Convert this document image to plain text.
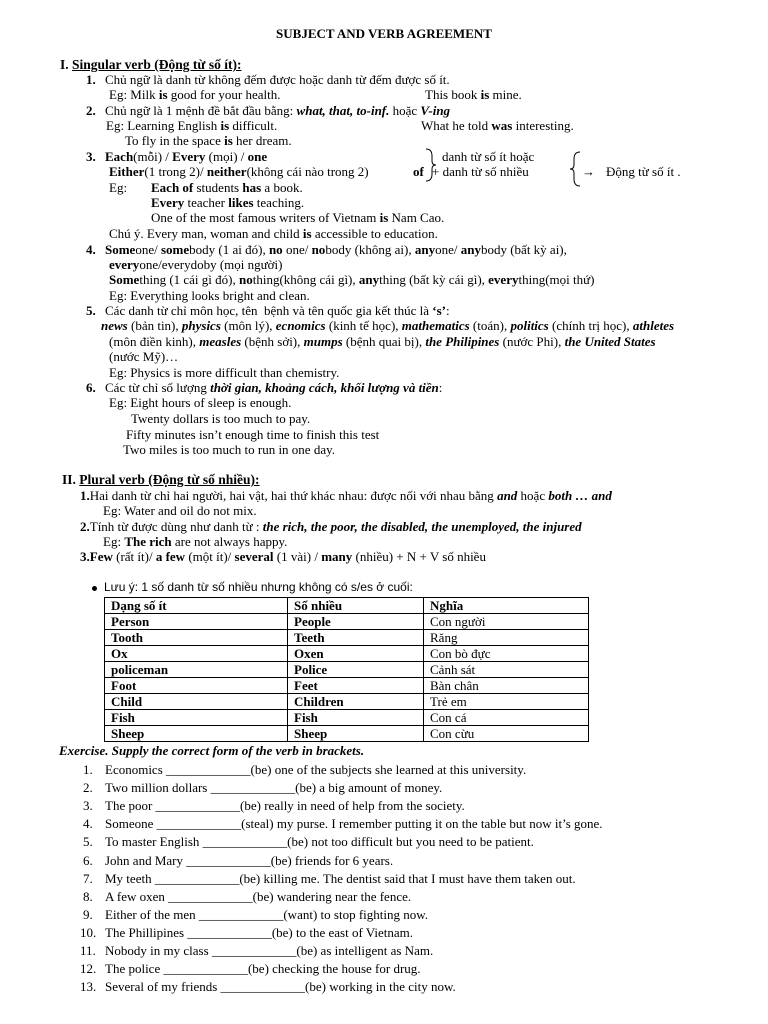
SUBJECT AND VERB AGREEMENT
I. Singular verb (Động từ số ít):
1. Chủ ngữ là danh từ không đếm được hoặc danh từ đếm được số ít.
Eg: Milk is good for your health.	This book is mine.
2. Chủ ngữ là 1 mệnh đề bắt đầu bằng: what, that, to-inf. hoặc V-ing
Eg: Learning English is difficult.	What he told was interesting.
To fly in the space is her dream.
3. Each(mỗi) / Every (mọi) / one
Either(1 trong 2)/ neither(không cái nào trong 2)	of
danh từ số ít hoặc
+ danh từ số nhiều	→ Động từ số ít .
Eg: Each of students has a book.
Every teacher likes teaching.
One of the most famous writers of Vietnam is Nam Cao.
Chú ý. Every man, woman and child is accessible to education.
4. Someone/ somebody (1 ai đó), no one/ nobody (không ai), anyone/ anybody (bất kỳ ai),
everyone/everydoby (mọi người)
Something (1 cái gì đó), nothing(không cái gì), anything (bất kỳ cái gì), everything(mọi thứ)
Eg: Everything looks bright and clean.
5. Các danh từ chỉ môn học, tên  bệnh và tên quốc gia kết thúc là ‘s’:
news (bản tin), physics (môn lý), ecnomics (kinh tế học), mathematics (toán), politics (chính trị học), athletes
(môn điền kinh), measles (bệnh sởi), mumps (bệnh quai bị), the Philipines (nước Phi), the United States
(nước Mỹ)…
Eg: Physics is more difficult than chemistry.
6. Các từ chỉ số lượng thời gian, khoảng cách, khối lượng và tiền:
Eg: Eight hours of sleep is enough.
Twenty dollars is too much to pay.
Fifty minutes isn’t enough time to finish this test
Two miles is too much to run in one day.
II. Plural verb (Động từ số nhiều):
1.Hai danh từ chỉ hai người, hai vật, hai thứ khác nhau: được nối với nhau bằng and hoặc both … and
Eg: Water and oil do not mix.
2.Tính từ được dùng như danh từ : the rich, the poor, the disabled, the unemployed, the injured
Eg: The rich are not always happy.
3.Few (rất ít)/ a few (một ít)/ several (1 vài) / many (nhiều) + N + V số nhiều
Lưu ý: 1 số danh từ số nhiều nhưng không có s/es ở cuối:
Dạng số ít	Số nhiều	Nghĩa
Person	People	Con người
Tooth	Teeth	Răng
Ox	Oxen	Con bò đực
policeman	Police	Cảnh sát
Foot	Feet	Bàn chân
Child	Children	Trẻ em
Fish	Fish	Con cá
Sheep	Sheep	Con cừu
Exercise. Supply the correct form of the verb in brackets.
1. Economics _____________(be) one of the subjects she learned at this university.
2. Two million dollars _____________(be) a big amount of money.
3. The poor _____________(be) really in need of help from the society.
4. Someone _____________(steal) my purse. I remember putting it on the table but now it’s gone.
5. To master English _____________(be) not too difficult but you need to be patient.
6. John and Mary _____________(be) friends for 6 years.
7. My teeth _____________(be) killing me. The dentist said that I must have them taken out.
8. A few oxen _____________(be) wandering near the fence.
9. Either of the men _____________(want) to stop fighting now.
10. The Phillipines _____________(be) to the east of Vietnam.
11. Nobody in my class _____________(be) as intelligent as Nam.
12. The police _____________(be) checking the house for drug.
13. Several of my friends _____________(be) working in the city now.
